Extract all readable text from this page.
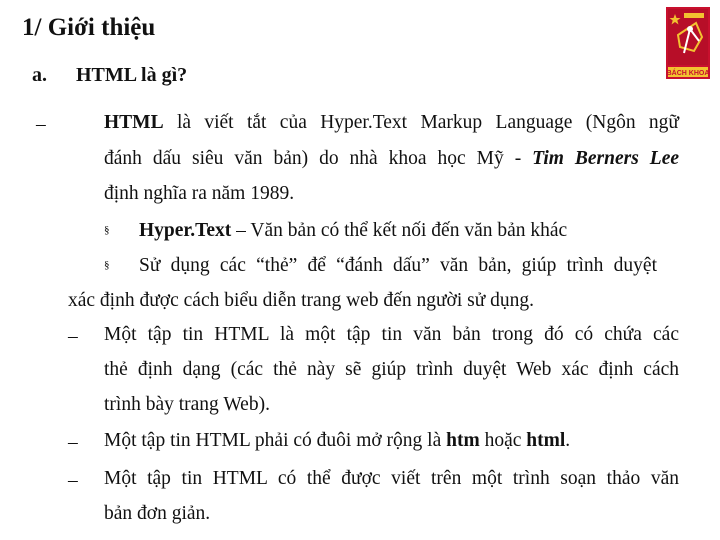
1/ Giới thiệu
BÁCH KHOA
a. HTML là gì?
–	HTML là viết tắt của Hyper.Text Markup Language (Ngôn ngữ
đánh dấu siêu văn bản) do nhà khoa học Mỹ - Tim Berners Lee
định nghĩa ra năm 1989.
§ Hyper.Text – Văn bản có thể kết nối đến văn bản khác
§ Sử dụng các “thẻ” để “đánh dấu” văn bản, giúp trình duyệt
xác định được cách biểu diễn trang web đến người sử dụng.
– Một tập tin HTML là một tập tin văn bản trong đó có chứa các
thẻ định dạng (các thẻ này sẽ giúp trình duyệt Web xác định cách
trình bày trang Web).
– Một tập tin HTML phải có đuôi mở rộng là htm hoặc html.
– Một tập tin HTML có thể được viết trên một trình soạn thảo văn
bản đơn giản.
